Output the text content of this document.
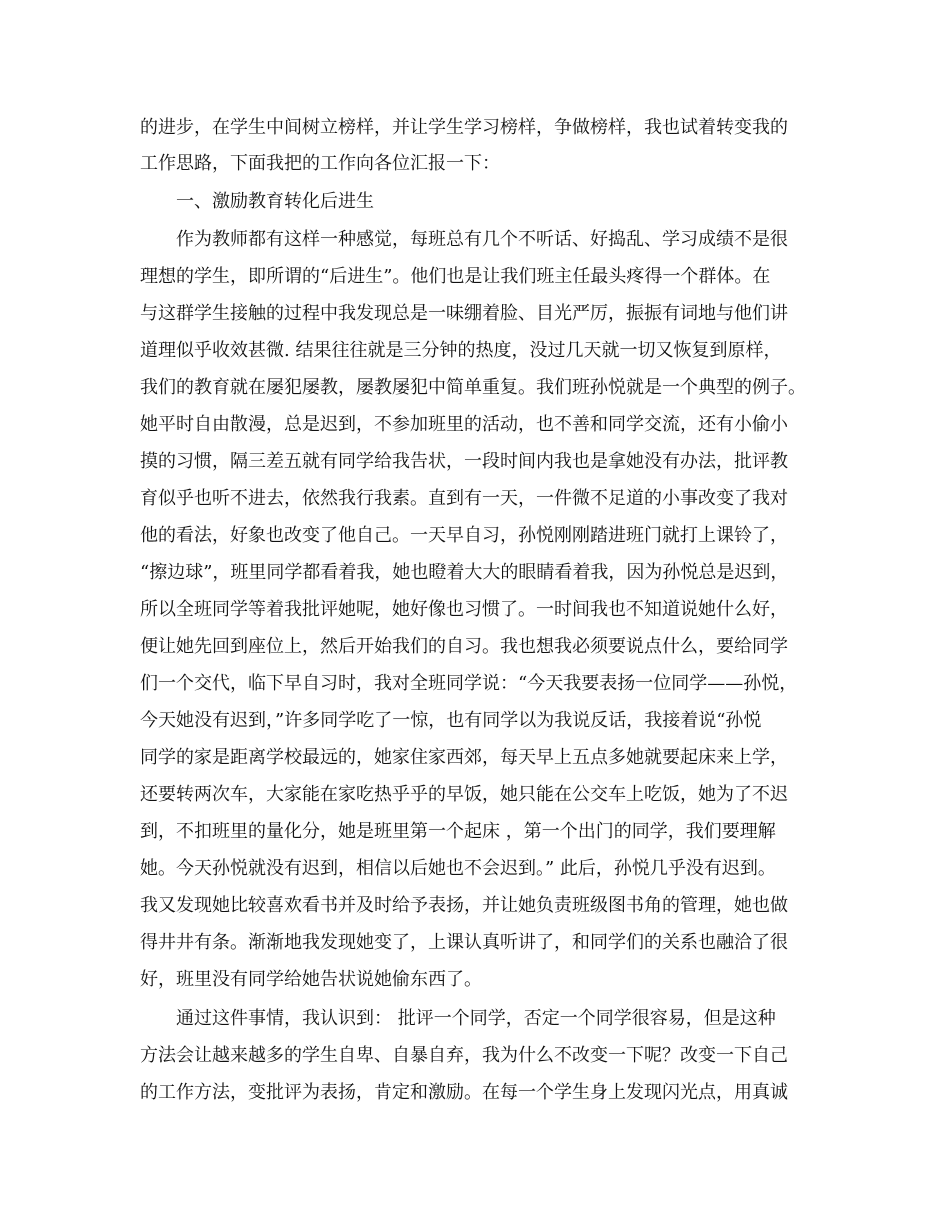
的进步，在学生中间树立榜样，并让学生学习榜样，争做榜样，我也试着转变我的
工作思路，下面我把的工作向各位汇报一下：
一、激励教育转化后进生
作为教师都有这样一种感觉，每班总有几个不听话、好捣乱、学习成绩不是很
理想的学生，即所谓的“后进生”。他们也是让我们班主任最头疼得一个群体。在
与这群学生接触的过程中我发现总是一味绷着脸、目光严厉，振振有词地与他们讲
道理似乎收效甚微. 结果往往就是三分钟的热度，没过几天就一切又恢复到原样，
我们的教育就在屡犯屡教，屡教屡犯中简单重复。我们班孙悦就是一个典型的例子。
她平时自由散漫，总是迟到，不参加班里的活动，也不善和同学交流，还有小偷小
摸的习惯，隔三差五就有同学给我告状，一段时间内我也是拿她没有办法，批评教
育似乎也听不进去，依然我行我素。直到有一天，一件微不足道的小事改变了我对
他的看法，好象也改变了他自己。一天早自习，孙悦刚刚踏进班门就打上课铃了，
“擦边球”，班里同学都看着我，她也瞪着大大的眼睛看着我，因为孙悦总是迟到，
所以全班同学等着我批评她呢，她好像也习惯了。一时间我也不知道说她什么好，
便让她先回到座位上，然后开始我们的自习。我也想我必须要说点什么，要给同学
们一个交代，临下早自习时，我对全班同学说：“今天我要表扬一位同学——孙悦，
今天她没有迟到，”许多同学吃了一惊，也有同学以为我说反话，我接着说“孙悦
同学的家是距离学校最远的，她家住家西郊，每天早上五点多她就要起床来上学，
还要转两次车，大家能在家吃热乎乎的早饭，她只能在公交车上吃饭，她为了不迟
到，不扣班里的量化分，她是班里第一个起床 ，第一个出门的同学，我们要理解
她。今天孙悦就没有迟到，相信以后她也不会迟到。” 此后，孙悦几乎没有迟到。
我又发现她比较喜欢看书并及时给予表扬，并让她负责班级图书角的管理，她也做
得井井有条。渐渐地我发现她变了，上课认真听讲了，和同学们的关系也融洽了很
好，班里没有同学给她告状说她偷东西了。
通过这件事情，我认识到： 批评一个同学，否定一个同学很容易，但是这种
方法会让越来越多的学生自卑、自暴自弃，我为什么不改变一下呢？改变一下自己
的工作方法，变批评为表扬，肯定和激励。在每一个学生身上发现闪光点，用真诚
